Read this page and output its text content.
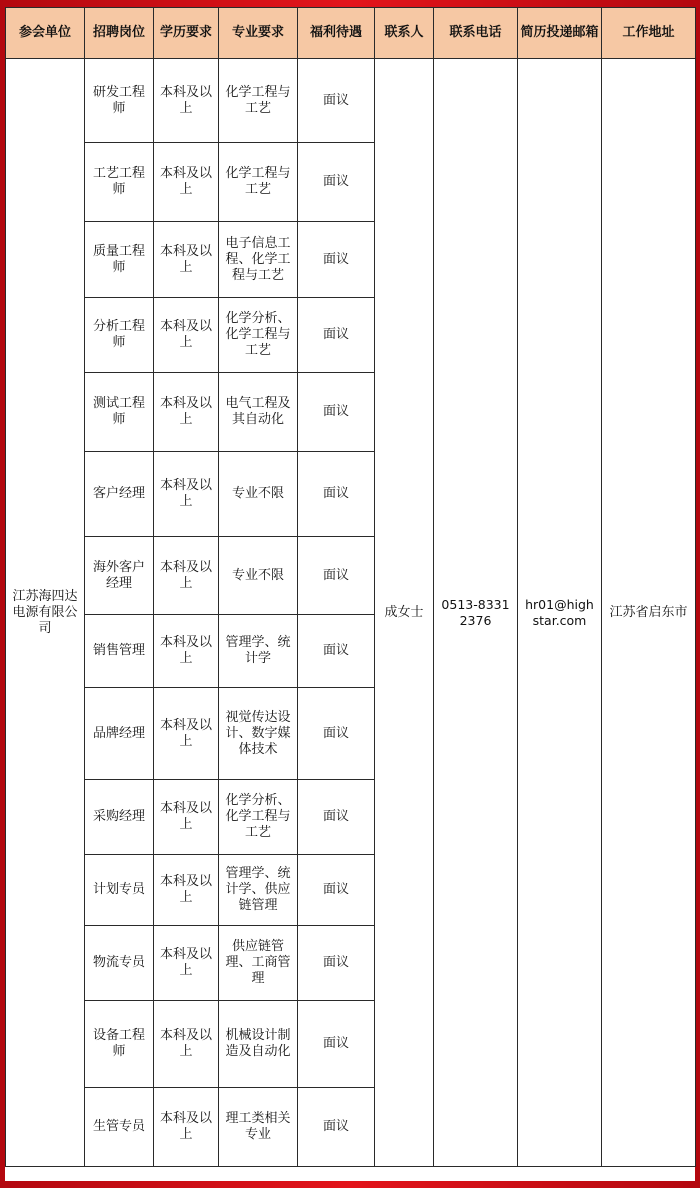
参会单位	招聘岗位	学历要求	专业要求	福利待遇	联系人	联系电话	简历投递邮箱	工作地址
江苏海四达电源有限公司	研发工程师	本科及以上	化学工程与工艺	面议	成女士	0513-83312376	hr01@highstar.com	江苏省启东市
	工艺工程师	本科及以上	化学工程与工艺	面议				
	质量工程师	本科及以上	电子信息工程、化学工程与工艺	面议				
	分析工程师	本科及以上	化学分析、化学工程与工艺	面议				
	测试工程师	本科及以上	电气工程及其自动化	面议				
	客户经理	本科及以上	专业不限	面议				
	海外客户经理	本科及以上	专业不限	面议				
	销售管理	本科及以上	管理学、统计学	面议				
	品牌经理	本科及以上	视觉传达设计、数字媒体技术	面议				
	采购经理	本科及以上	化学分析、化学工程与工艺	面议				
	计划专员	本科及以上	管理学、统计学、供应链管理	面议				
	物流专员	本科及以上	供应链管理、工商管理	面议				
	设备工程师	本科及以上	机械设计制造及自动化	面议				
	生管专员	本科及以上	理工类相关专业	面议				
